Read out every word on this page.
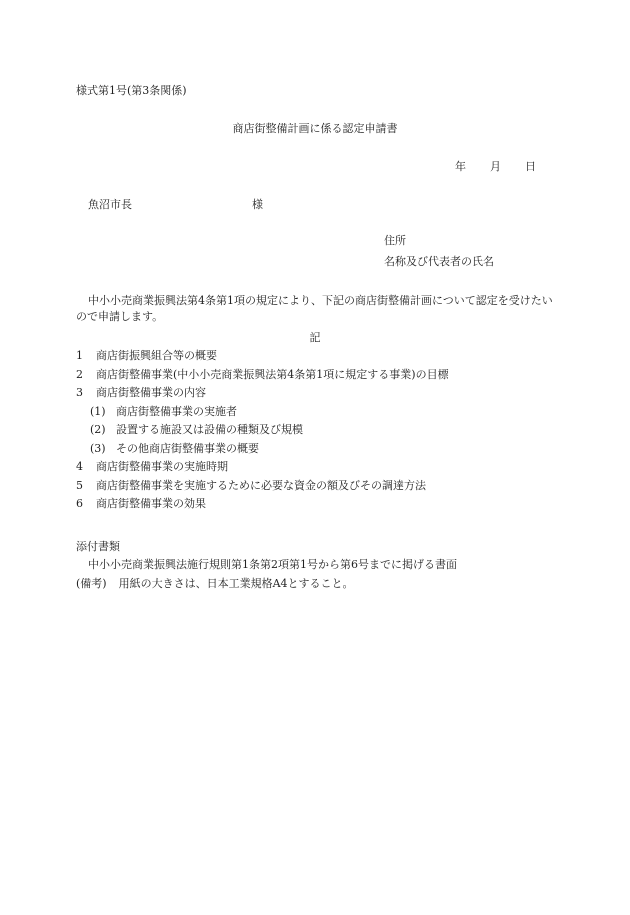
様式第1号(第3条関係)
商店街整備計画に係る認定申請書
年 月 日
魚沼市長	様
住所
名称及び代表者の氏名
中小小売商業振興法第4条第1項の規定により、下記の商店街整備計画について認定を受けたいので申請します。
記
1 商店街振興組合等の概要
2 商店街整備事業(中小小売商業振興法第4条第1項に規定する事業)の目標
3 商店街整備事業の内容
(1) 商店街整備事業の実施者
(2) 設置する施設又は設備の種類及び規模
(3) その他商店街整備事業の概要
4 商店街整備事業の実施時期
5 商店街整備事業を実施するために必要な資金の額及びその調達方法
6 商店街整備事業の効果
添付書類
中小小売商業振興法施行規則第1条第2項第1号から第6号までに掲げる書面
(備考) 用紙の大きさは、日本工業規格A4とすること。
